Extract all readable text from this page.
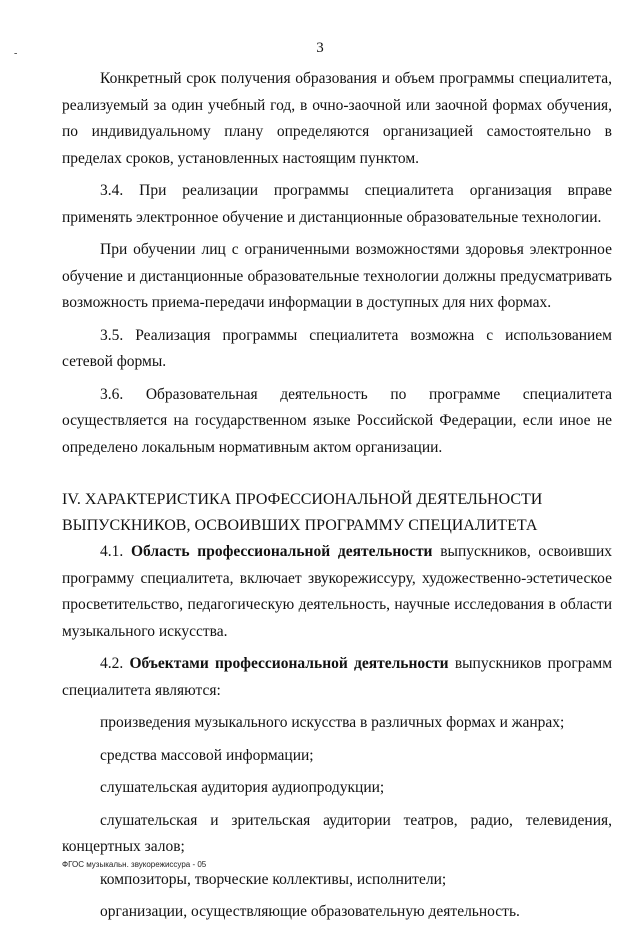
-	3

Конкретный срок получения образования и объем программы специалитета, реализуемый за один учебный год, в очно-заочной или заочной формах обучения, по индивидуальному плану определяются организацией самостоятельно в пределах сроков, установленных настоящим пунктом.

3.4. При реализации программы специалитета организация вправе применять электронное обучение и дистанционные образовательные технологии.

При обучении лиц с ограниченными возможностями здоровья электронное обучение и дистанционные образовательные технологии должны предусматривать возможность приема-передачи информации в доступных для них формах.

3.5. Реализация программы специалитета возможна с использованием сетевой формы.

3.6. Образовательная деятельность по программе специалитета осуществляется на государственном языке Российской Федерации, если иное не определено локальным нормативным актом организации.

IV. ХАРАКТЕРИСТИКА ПРОФЕССИОНАЛЬНОЙ ДЕЯТЕЛЬНОСТИ
ВЫПУСКНИКОВ, ОСВОИВШИХ ПРОГРАММУ СПЕЦИАЛИТЕТА

4.1. Область профессиональной деятельности выпускников, освоивших программу специалитета, включает звукорежиссуру, художественно-эстетическое просветительство, педагогическую деятельность, научные исследования в области музыкального искусства.

4.2. Объектами профессиональной деятельности выпускников программ специалитета являются:

произведения музыкального искусства в различных формах и жанрах;

средства массовой информации;

слушательская аудитория аудиопродукции;

слушательская и зрительская аудитории театров, радио, телевидения, концертных залов;

композиторы, творческие коллективы, исполнители;

организации, осуществляющие образовательную деятельность.

ФГОС музыкальн. звукорежиссура - 05
